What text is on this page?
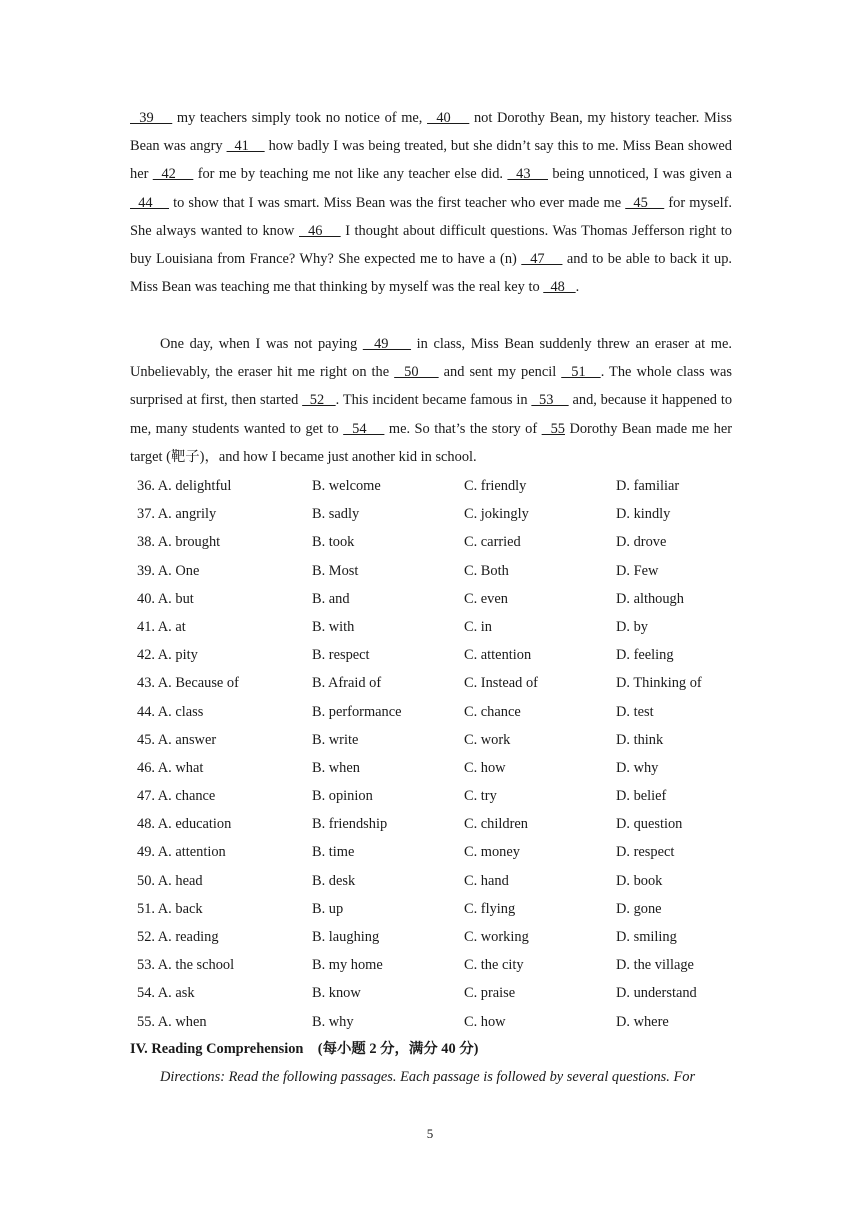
39     my teachers simply took no notice of me,   40     not Dorothy Bean, my history teacher. Miss Bean was angry   41     how badly I was being treated, but she didn’t say this to me. Miss Bean showed her   42     for me by teaching me not like any teacher else did.   43     being unnoticed, I was given a   44     to show that I was smart. Miss Bean was the first teacher who ever made me   45     for myself. She always wanted to know   46     I thought about difficult questions. Was Thomas Jefferson right to buy Louisiana from France? Why? She expected me to have a (n)   47     and to be able to back it up. Miss Bean was teaching me that thinking by myself was the real key to   48   .

One day, when I was not paying   49     in class, Miss Bean suddenly threw an eraser at me. Unbelievably, the eraser hit me right on the   50     and sent my pencil   51   . The whole class was surprised at first, then started   52   . This incident became famous in   53     and, because it happened to me, many students wanted to get to   54     me. So that’s the story of   55 Dorothy Bean made me her target (靶子)，and how I became just another kid in school.

36. A. delightful	B. welcome	C. friendly	D. familiar
37. A. angrily	B. sadly	C. jokingly	D. kindly
38. A. brought	B. took	C. carried	D. drove
39. A. One	B. Most	C. Both	D. Few
40. A. but	B. and	C. even	D. although
41. A. at	B. with	C. in	D. by
42. A. pity	B. respect	C. attention	D. feeling
43. A. Because of	B. Afraid of	C. Instead of	D. Thinking of
44. A. class	B. performance	C. chance	D. test
45. A. answer	B. write	C. work	D. think
46. A. what	B. when	C. how	D. why
47. A. chance	B. opinion	C. try	D. belief
48. A. education	B. friendship	C. children	D. question
49. A. attention	B. time	C. money	D. respect
50. A. head	B. desk	C. hand	D. book
51. A. back	B. up	C. flying	D. gone
52. A. reading	B. laughing	C. working	D. smiling
53. A. the school	B. my home	C. the city	D. the village
54. A. ask	B. know	C. praise	D. understand
55. A. when	B. why	C. how	D. where
IV. Reading Comprehension    (每小题 2 分，满分 40 分)
Directions: Read the following passages. Each passage is followed by several questions. For
5
